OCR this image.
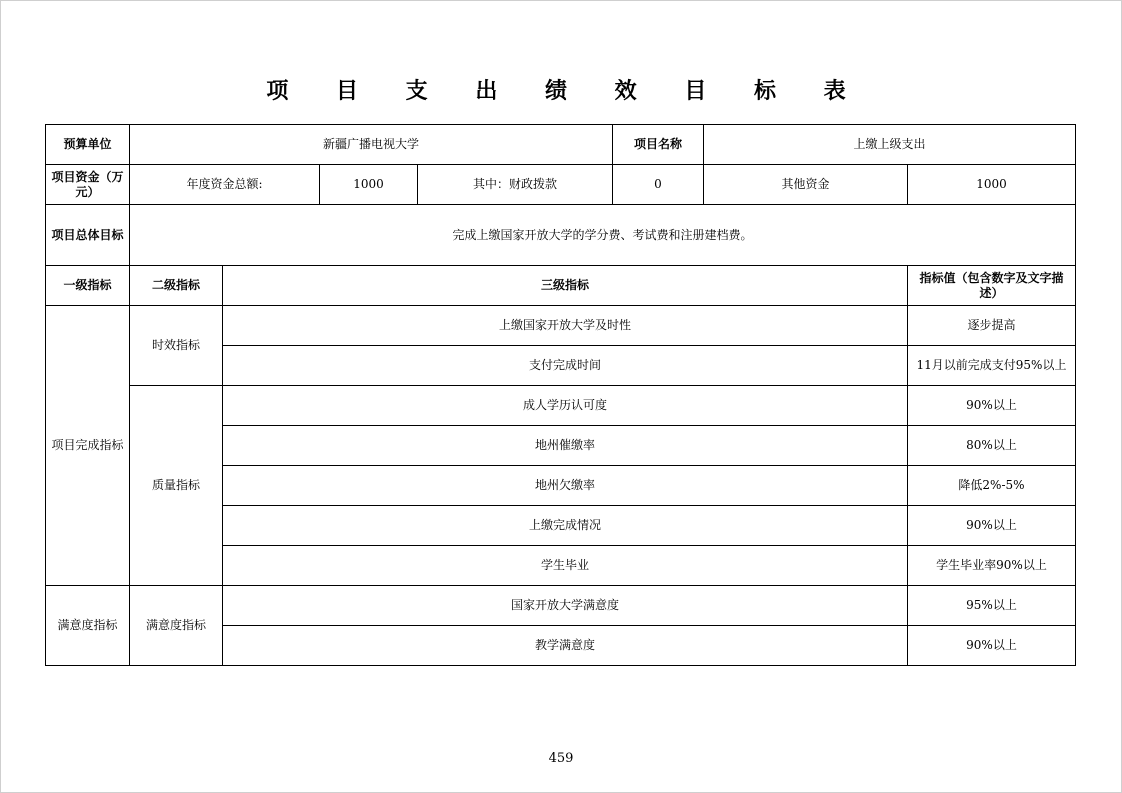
项 目 支 出 绩 效 目 标 表
预算单位	新疆广播电视大学				项目名称	上缴上级支出	
项目资金（万元）	年度资金总额:		1000	其中：财政拨款	0	其他资金	1000
项目总体目标	完成上缴国家开放大学的学分费、考试费和注册建档费。						
一级指标	二级指标	三级指标					指标值（包含数字及文字描述）
项目完成指标	时效指标	上缴国家开放大学及时性					逐步提高
		支付完成时间					11月以前完成支付95%以上
	质量指标	成人学历认可度					90%以上
		地州催缴率					80%以上
		地州欠缴率					降低2%-5%
		上缴完成情况					90%以上
		学生毕业					学生毕业率90%以上
满意度指标	满意度指标	国家开放大学满意度					95%以上
		教学满意度					90%以上
459
